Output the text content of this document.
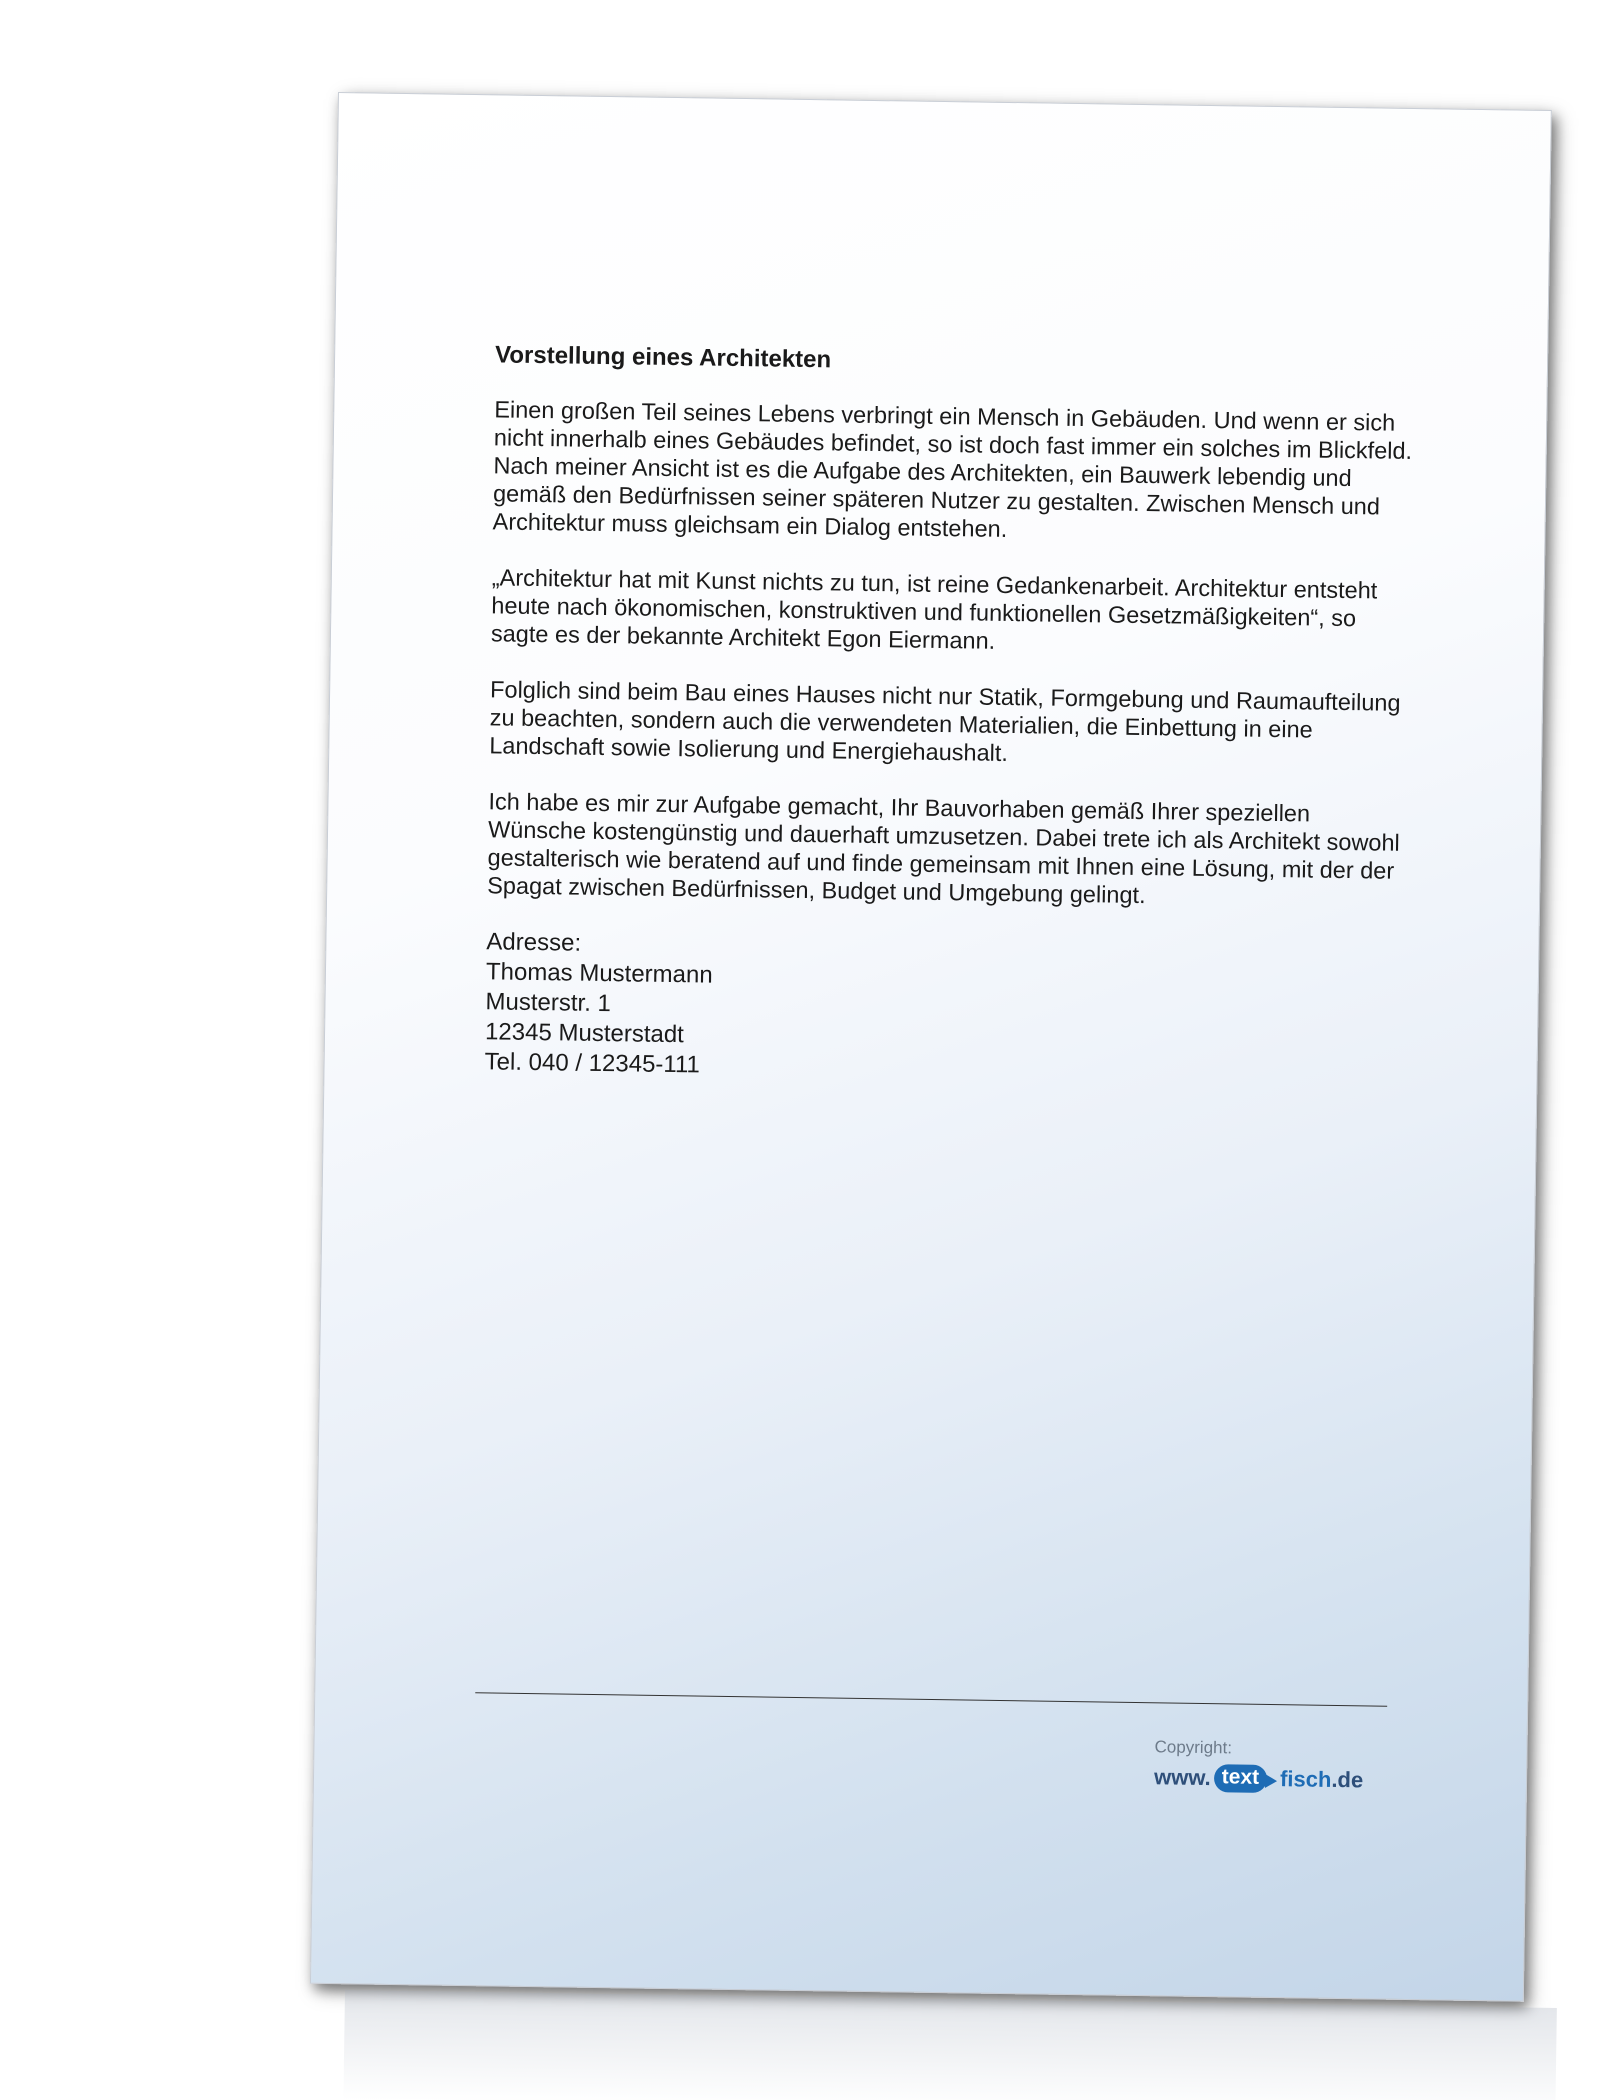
Vorstellung eines Architekten

Einen großen Teil seines Lebens verbringt ein Mensch in Gebäuden. Und wenn er sich nicht innerhalb eines Gebäudes befindet, so ist doch fast immer ein solches im Blickfeld. Nach meiner Ansicht ist es die Aufgabe des Architekten, ein Bauwerk lebendig und gemäß den Bedürfnissen seiner späteren Nutzer zu gestalten. Zwischen Mensch und Architektur muss gleichsam ein Dialog entstehen.

„Architektur hat mit Kunst nichts zu tun, ist reine Gedankenarbeit. Architektur entsteht heute nach ökonomischen, konstruktiven und funktionellen Gesetzmäßigkeiten“, so sagte es der bekannte Architekt Egon Eiermann.

Folglich sind beim Bau eines Hauses nicht nur Statik, Formgebung und Raumaufteilung zu beachten, sondern auch die verwendeten Materialien, die Einbettung in eine Landschaft sowie Isolierung und Energiehaushalt.

Ich habe es mir zur Aufgabe gemacht, Ihr Bauvorhaben gemäß Ihrer speziellen Wünsche kostengünstig und dauerhaft umzusetzen. Dabei trete ich als Architekt sowohl gestalterisch wie beratend auf und finde gemeinsam mit Ihnen eine Lösung, mit der der Spagat zwischen Bedürfnissen, Budget und Umgebung gelingt.

Adresse:
Thomas Mustermann
Musterstr. 1
12345 Musterstadt
Tel. 040 / 12345-111
Copyright:
www. text fisch .de
